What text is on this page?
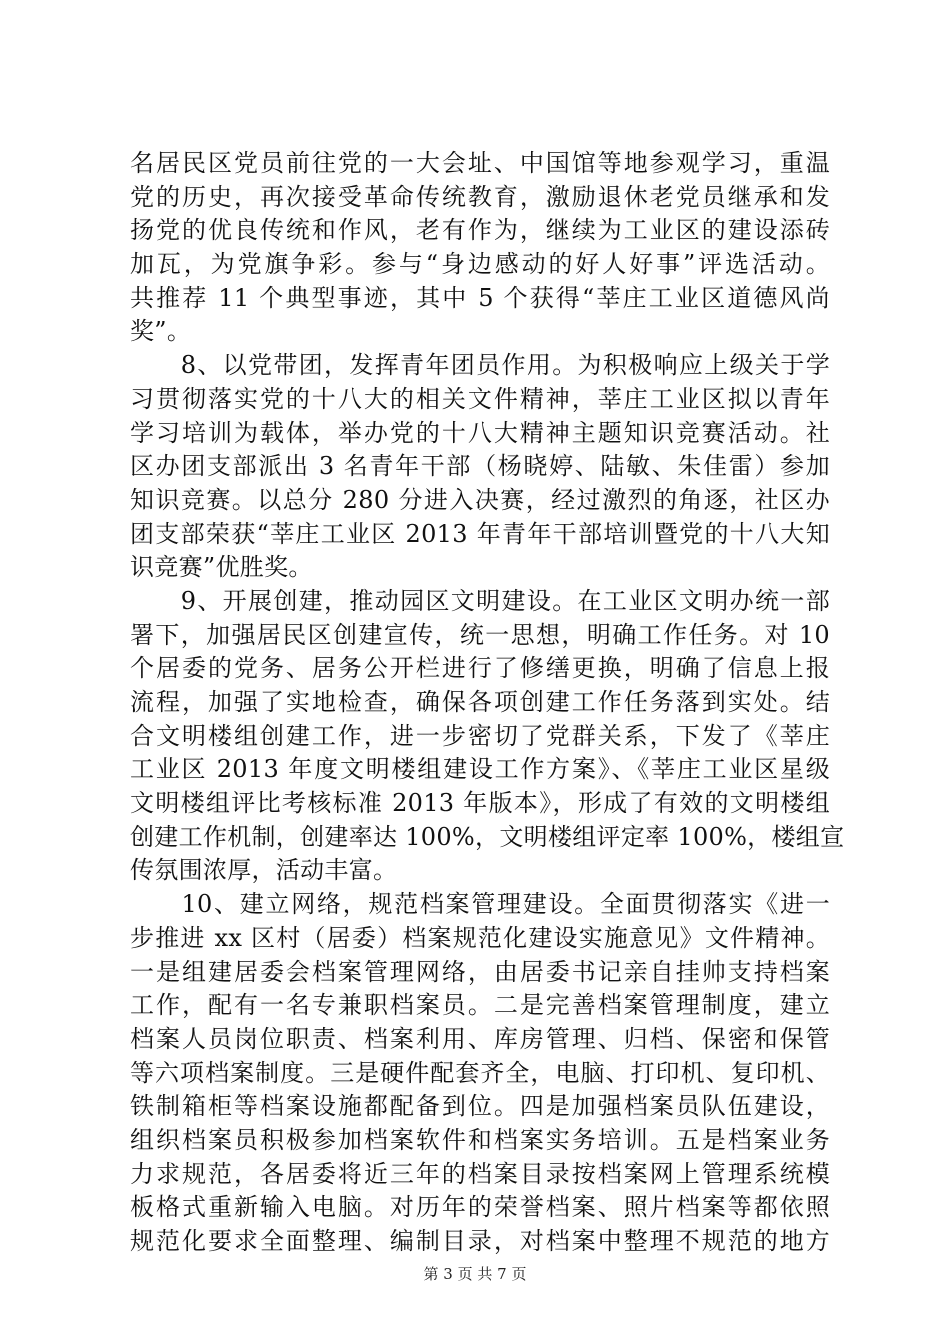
名居民区党员前往党的一大会址、中国馆等地参观学习，重温
党的历史，再次接受革命传统教育，激励退休老党员继承和发
扬党的优良传统和作风，老有作为，继续为工业区的建设添砖
加瓦，为党旗争彩。参与“身边感动的好人好事”评选活动。
共推荐 11 个典型事迹，其中 5 个获得“莘庄工业区道德风尚
奖”。
　　8、以党带团，发挥青年团员作用。为积极响应上级关于学
习贯彻落实党的十八大的相关文件精神，莘庄工业区拟以青年
学习培训为载体，举办党的十八大精神主题知识竞赛活动。社
区办团支部派出 3 名青年干部（杨晓婷、陆敏、朱佳雷）参加
知识竞赛。以总分 280 分进入决赛，经过激烈的角逐，社区办
团支部荣获“莘庄工业区 2013 年青年干部培训暨党的十八大知
识竞赛”优胜奖。
　　9、开展创建，推动园区文明建设。在工业区文明办统一部
署下，加强居民区创建宣传，统一思想，明确工作任务。对 10
个居委的党务、居务公开栏进行了修缮更换，明确了信息上报
流程，加强了实地检查，确保各项创建工作任务落到实处。结
合文明楼组创建工作，进一步密切了党群关系，下发了《莘庄
工业区 2013 年度文明楼组建设工作方案》、《莘庄工业区星级
文明楼组评比考核标准 2013 年版本》，形成了有效的文明楼组
创建工作机制，创建率达 100%，文明楼组评定率 100%，楼组宣
传氛围浓厚，活动丰富。
　　10、建立网络，规范档案管理建设。全面贯彻落实《进一
步推进 xx 区村（居委）档案规范化建设实施意见》文件精神。
一是组建居委会档案管理网络，由居委书记亲自挂帅支持档案
工作，配有一名专兼职档案员。二是完善档案管理制度，建立
档案人员岗位职责、档案利用、库房管理、归档、保密和保管
等六项档案制度。三是硬件配套齐全，电脑、打印机、复印机、
铁制箱柜等档案设施都配备到位。四是加强档案员队伍建设，
组织档案员积极参加档案软件和档案实务培训。五是档案业务
力求规范，各居委将近三年的档案目录按档案网上管理系统模
板格式重新输入电脑。对历年的荣誉档案、照片档案等都依照
规范化要求全面整理、编制目录，对档案中整理不规范的地方
第 3 页 共 7 页
